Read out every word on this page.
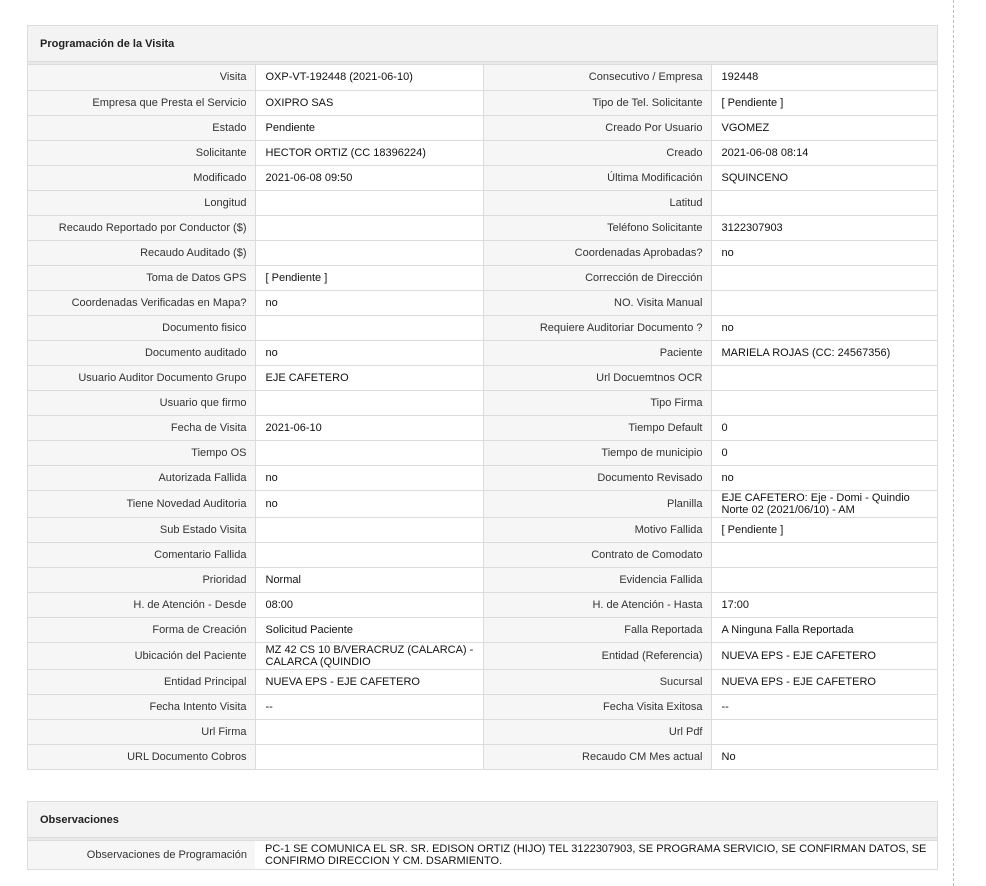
Programación de la Visita
Visita	OXP-VT-192448 (2021-06-10)	Consecutivo / Empresa	192448
Empresa que Presta el Servicio	OXIPRO SAS	Tipo de Tel. Solicitante	[ Pendiente ]
Estado	Pendiente	Creado Por Usuario	VGOMEZ
Solicitante	HECTOR ORTIZ (CC 18396224)	Creado	2021-06-08 08:14
Modificado	2021-06-08 09:50	Última Modificación	SQUINCENO
Longitud		Latitud	
Recaudo Reportado por Conductor ($)		Teléfono Solicitante	3122307903
Recaudo Auditado ($)		Coordenadas Aprobadas?	no
Toma de Datos GPS	[ Pendiente ]	Corrección de Dirección	
Coordenadas Verificadas en Mapa?	no	NO. Visita Manual	
Documento fisico		Requiere Auditoriar Documento ?	no
Documento auditado	no	Paciente	MARIELA ROJAS (CC: 24567356)
Usuario Auditor Documento Grupo	EJE CAFETERO	Url Docuemtnos OCR	
Usuario que firmo		Tipo Firma	
Fecha de Visita	2021-06-10	Tiempo Default	0
Tiempo OS		Tiempo de municipio	0
Autorizada Fallida	no	Documento Revisado	no
Tiene Novedad Auditoria	no	Planilla	EJE CAFETERO: Eje - Domi - Quindio Norte 02 (2021/06/10) - AM
Sub Estado Visita		Motivo Fallida	[ Pendiente ]
Comentario Fallida		Contrato de Comodato	
Prioridad	Normal	Evidencia Fallida	
H. de Atención - Desde	08:00	H. de Atención - Hasta	17:00
Forma de Creación	Solicitud Paciente	Falla Reportada	A Ninguna Falla Reportada
Ubicación del Paciente	MZ 42 CS 10 B/VERACRUZ (CALARCA) - CALARCA (QUINDIO	Entidad (Referencia)	NUEVA EPS - EJE CAFETERO
Entidad Principal	NUEVA EPS - EJE CAFETERO	Sucursal	NUEVA EPS - EJE CAFETERO
Fecha Intento Visita	--	Fecha Visita Exitosa	--
Url Firma		Url Pdf	
URL Documento Cobros		Recaudo CM Mes actual	No
Observaciones
Observaciones de Programación	PC-1 SE COMUNICA EL SR. SR. EDISON ORTIZ (HIJO) TEL 3122307903, SE PROGRAMA SERVICIO, SE CONFIRMAN DATOS, SE CONFIRMO DIRECCION Y CM. DSARMIENTO.
